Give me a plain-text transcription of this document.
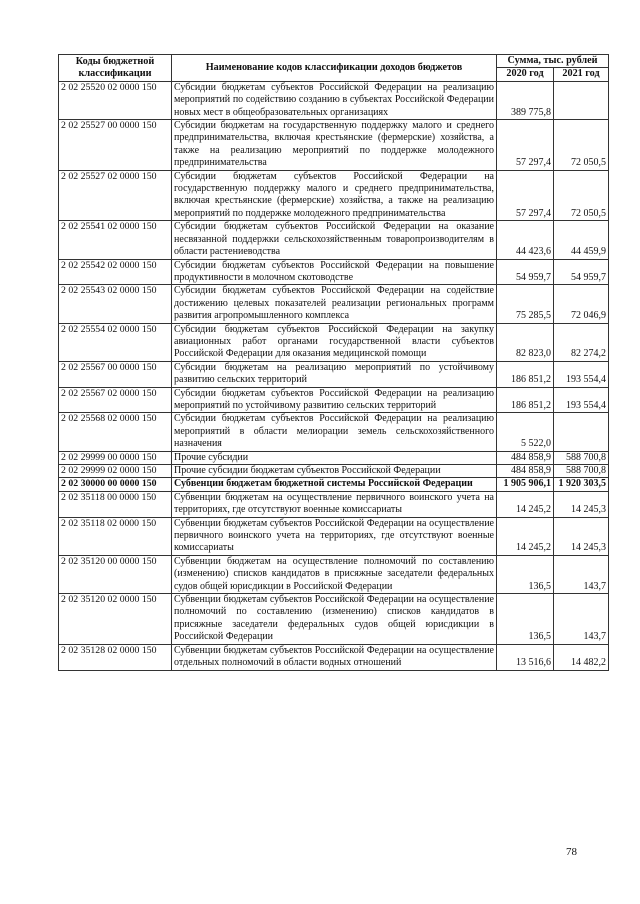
Коды бюджетной классификации	Наименование кодов классификации доходов бюджетов	Сумма, тыс. рублей	
		2020 год	2021 год
2 02 25520 02 0000 150	Субсидии бюджетам субъектов Российской Федерации на реализацию мероприятий по содействию созданию в субъектах Российской Федерации новых мест в общеобразовательных организациях	389 775,8	
2 02 25527 00 0000 150	Субсидии бюджетам на государственную поддержку малого и среднего предпринимательства, включая крестьянские (фермерские) хозяйства, а также на реализацию мероприятий по поддержке молодежного предпринимательства	57 297,4	72 050,5
2 02 25527 02 0000 150	Субсидии бюджетам субъектов Российской Федерации на государственную поддержку малого и среднего предпринимательства, включая крестьянские (фермерские) хозяйства, а также на реализацию мероприятий по поддержке молодежного предпринимательства	57 297,4	72 050,5
2 02 25541 02 0000 150	Субсидии бюджетам субъектов Российской Федерации на оказание несвязанной поддержки сельскохозяйственным товаропроизводителям в области растениеводства	44 423,6	44 459,9
2 02 25542 02 0000 150	Субсидии бюджетам субъектов Российской Федерации на повышение продуктивности в молочном скотоводстве	54 959,7	54 959,7
2 02 25543 02 0000 150	Субсидии бюджетам субъектов Российской Федерации на содействие достижению целевых показателей реализации региональных программ развития агропромышленного комплекса	75 285,5	72 046,9
2 02 25554 02 0000 150	Субсидии бюджетам субъектов Российской Федерации на закупку авиационных работ органами государственной власти субъектов Российской Федерации для оказания медицинской помощи	82 823,0	82 274,2
2 02 25567 00 0000 150	Субсидии бюджетам на реализацию мероприятий по устойчивому развитию сельских территорий	186 851,2	193 554,4
2 02 25567 02 0000 150	Субсидии бюджетам субъектов Российской Федерации на реализацию мероприятий по устойчивому развитию сельских территорий	186 851,2	193 554,4
2 02 25568 02 0000 150	Субсидии бюджетам субъектов Российской Федерации на реализацию мероприятий в области мелиорации земель сельскохозяйственного назначения	5 522,0	
2 02 29999 00 0000 150	Прочие субсидии	484 858,9	588 700,8
2 02 29999 02 0000 150	Прочие субсидии бюджетам субъектов Российской Федерации	484 858,9	588 700,8
2 02 30000 00 0000 150	Субвенции бюджетам бюджетной системы Российской Федерации	1 905 906,1	1 920 303,5
2 02 35118 00 0000 150	Субвенции бюджетам на осуществление первичного воинского учета на территориях, где отсутствуют военные комиссариаты	14 245,2	14 245,3
2 02 35118 02 0000 150	Субвенции бюджетам субъектов Российской Федерации на осуществление первичного воинского учета на территориях, где отсутствуют военные комиссариаты	14 245,2	14 245,3
2 02 35120 00 0000 150	Субвенции бюджетам на осуществление полномочий по составлению (изменению) списков кандидатов в присяжные заседатели федеральных судов общей юрисдикции в Российской Федерации	136,5	143,7
2 02 35120 02 0000 150	Субвенции бюджетам субъектов Российской Федерации на осуществление полномочий по составлению (изменению) списков кандидатов в присяжные заседатели федеральных судов общей юрисдикции в Российской Федерации	136,5	143,7
2 02 35128 02 0000 150	Субвенции бюджетам субъектов Российской Федерации на осуществление отдельных полномочий в области водных отношений	13 516,6	14 482,2
78
